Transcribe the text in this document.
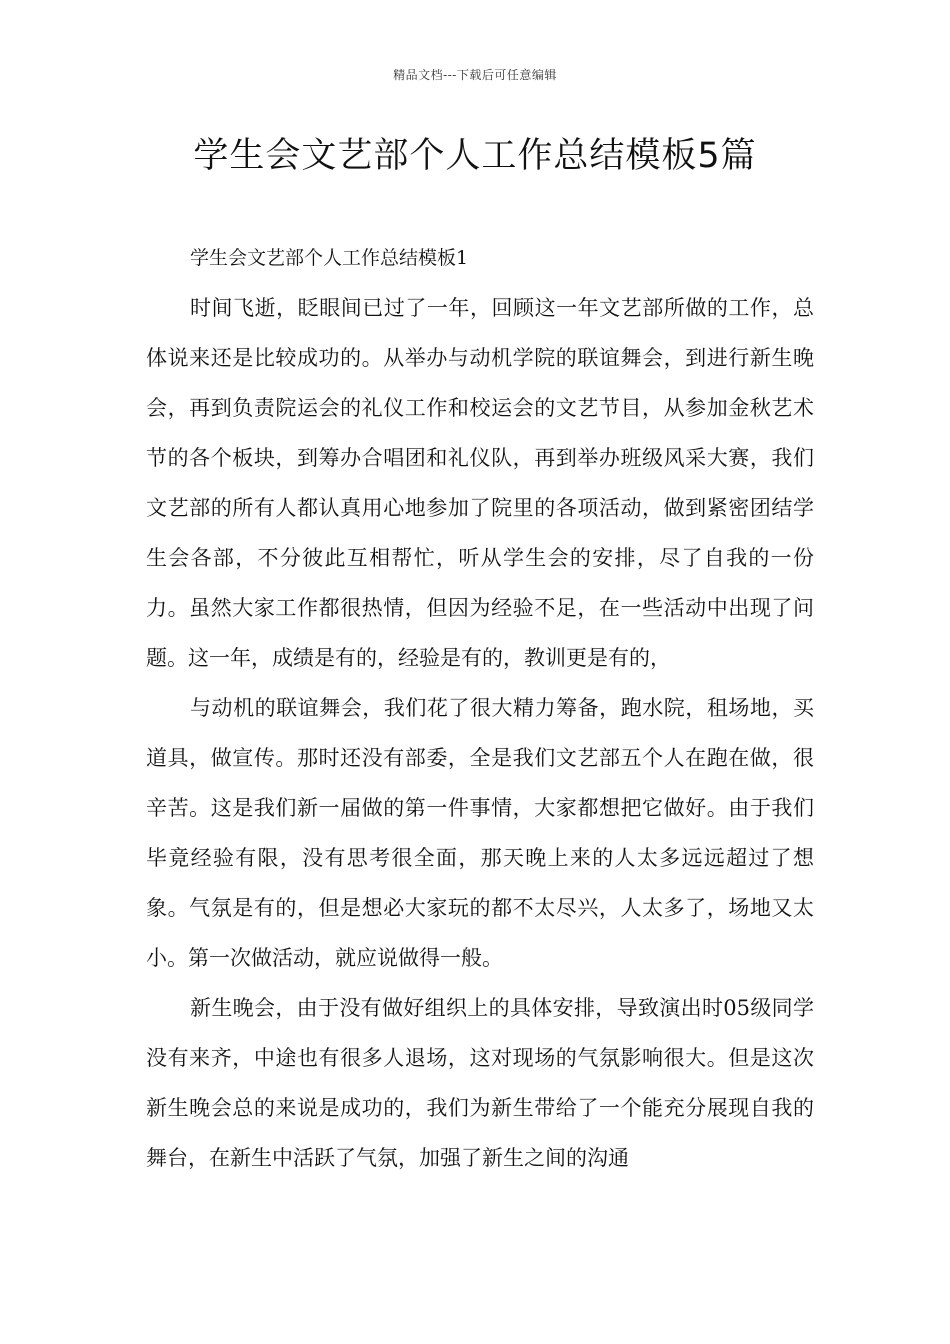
精品文档---下载后可任意编辑
学生会文艺部个人工作总结模板5篇

学生会文艺部个人工作总结模板1

时间飞逝，眨眼间已过了一年，回顾这一年文艺部所做的工作，总体说来还是比较成功的。从举办与动机学院的联谊舞会，到进行新生晚会，再到负责院运会的礼仪工作和校运会的文艺节目，从参加金秋艺术节的各个板块，到筹办合唱团和礼仪队，再到举办班级风采大赛，我们文艺部的所有人都认真用心地参加了院里的各项活动，做到紧密团结学生会各部，不分彼此互相帮忙，听从学生会的安排，尽了自我的一份力。虽然大家工作都很热情，但因为经验不足，在一些活动中出现了问题。这一年，成绩是有的，经验是有的，教训更是有的，

与动机的联谊舞会，我们花了很大精力筹备，跑水院，租场地，买道具，做宣传。那时还没有部委，全是我们文艺部五个人在跑在做，很辛苦。这是我们新一届做的第一件事情，大家都想把它做好。由于我们毕竟经验有限，没有思考很全面，那天晚上来的人太多远远超过了想象。气氛是有的，但是想必大家玩的都不太尽兴，人太多了，场地又太小。第一次做活动，就应说做得一般。

新生晚会，由于没有做好组织上的具体安排，导致演出时05级同学没有来齐，中途也有很多人退场，这对现场的气氛影响很大。但是这次新生晚会总的来说是成功的，我们为新生带给了一个能充分展现自我的舞台，在新生中活跃了气氛，加强了新生之间的沟通
